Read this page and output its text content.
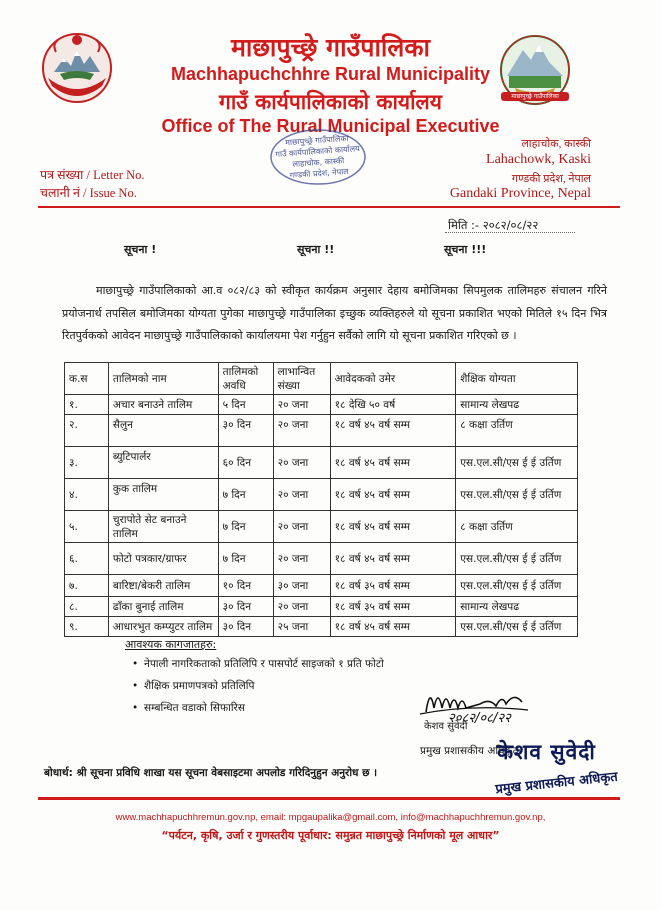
माछापुच्छ्रे गाउँपालिका
माछापुच्छ्रे गाउँपालिका
Machhapuchchhre Rural Municipality
गाउँ कार्यपालिकाको कार्यालय
Office of The Rural Municipal Executive
माछापुच्छ्रे गाउँपालिका
गाउँ कार्यपालिकाको कार्यालय
लाहाचोक, कास्की
गण्डकी प्रदेश, नेपाल
लाहाचोक, कास्की
Lahachowk, Kaski
गण्डकी प्रदेश, नेपाल
Gandaki Province, Nepal
पत्र संख्या / Letter No.
चलानी नं / Issue No.
मिति :- २०८२/०८/२२
सूचना !	सूचना !!	सूचना !!!
माछापुच्छ्रे गाउँपालिकाको आ.व ०८२/८३ को स्वीकृत कार्यक्रम अनुसार देहाय बमोजिमका सिपमुलक तालिमहरु संचालन गरिने प्रयोजनार्थ तपसिल बमोजिमका योग्यता पुगेका माछापुच्छ्रे गाउँपालिका इच्छुक व्यक्तिहरुले यो सूचना प्रकाशित भएको मितिले १५ दिन भित्र रितपुर्वकको आवेदन माछापुच्छ्रे गाउँपालिकाको कार्यालयमा पेश गर्नुहुन सर्वैको लागि यो सूचना प्रकाशित गरिएको छ ।
क.स	तालिमको नाम	तालिमको अवधि	लाभान्वित संख्या	आवेदकको उमेर	शैक्षिक योग्यता
१.	अचार बनाउने तालिम	५ दिन	२० जना	१८ देखि ५० वर्ष	सामान्य लेखपढ
२.	सैलुन	३० दिन	२० जना	१८ वर्ष ४५ वर्ष सम्म	८ कक्षा उर्तिण
३.	ब्युटिपार्लर	६० दिन	२० जना	१८ वर्ष ४५ वर्ष सम्म	एस.एल.सी/एस ई ई उर्तिण
४.	कुक तालिम	७ दिन	२० जना	१८ वर्ष ४५ वर्ष सम्म	एस.एल.सी/एस ई ई उर्तिण
५.	चुरापोते सेट बनाउने तालिम	७ दिन	२० जना	१८ वर्ष ४५ वर्ष सम्म	८ कक्षा उर्तिण
६.	फोटो पत्रकार/ग्राफर	७ दिन	२० जना	१८ वर्ष ४५ वर्ष सम्म	एस.एल.सी/एस ई ई उर्तिण
७.	बारिष्टा/बेकरी तालिम	१० दिन	३० जना	१८ वर्ष ३५ वर्ष सम्म	एस.एल.सी/एस ई ई उर्तिण
८.	ढाँका बुनाई तालिम	३० दिन	२० जना	१८ वर्ष ३५ वर्ष सम्म	सामान्य लेखपढ
९.	आधारभुत कम्प्युटर तालिम	३० दिन	२५ जना	१८ वर्ष ४५ वर्ष सम्म	एस.एल.सी/एस ई ई उर्तिण
आवश्यक कागजातहरु:
• नेपाली नागरिकताको प्रतिलिपि र पासपोर्ट साइजको १ प्रति फोटो
• शैक्षिक प्रमाणपत्रको प्रतिलिपि
• सम्बन्धित वडाको सिफारिस
२०८२/०८/२२
केशव सुवेदी
प्रमुख प्रशासकीय अधिकृत
केशव सुवेदी
प्रमुख प्रशासकीय अधिकृत
बोधार्थ: श्री सूचना प्रविधि शाखा यस सूचना वेबसाइटमा अपलोड गरिदिनुहुन अनुरोध छ ।
www.machhapuchhremun.gov.np, email: mpgaupalika@gmail.com, info@machhapuchhremun.gov.np,
“पर्यटन, कृषि, उर्जा र गुणस्तरीय पूर्वाधार: समुन्नत माछापुच्छ्रे निर्माणको मूल आधार”
